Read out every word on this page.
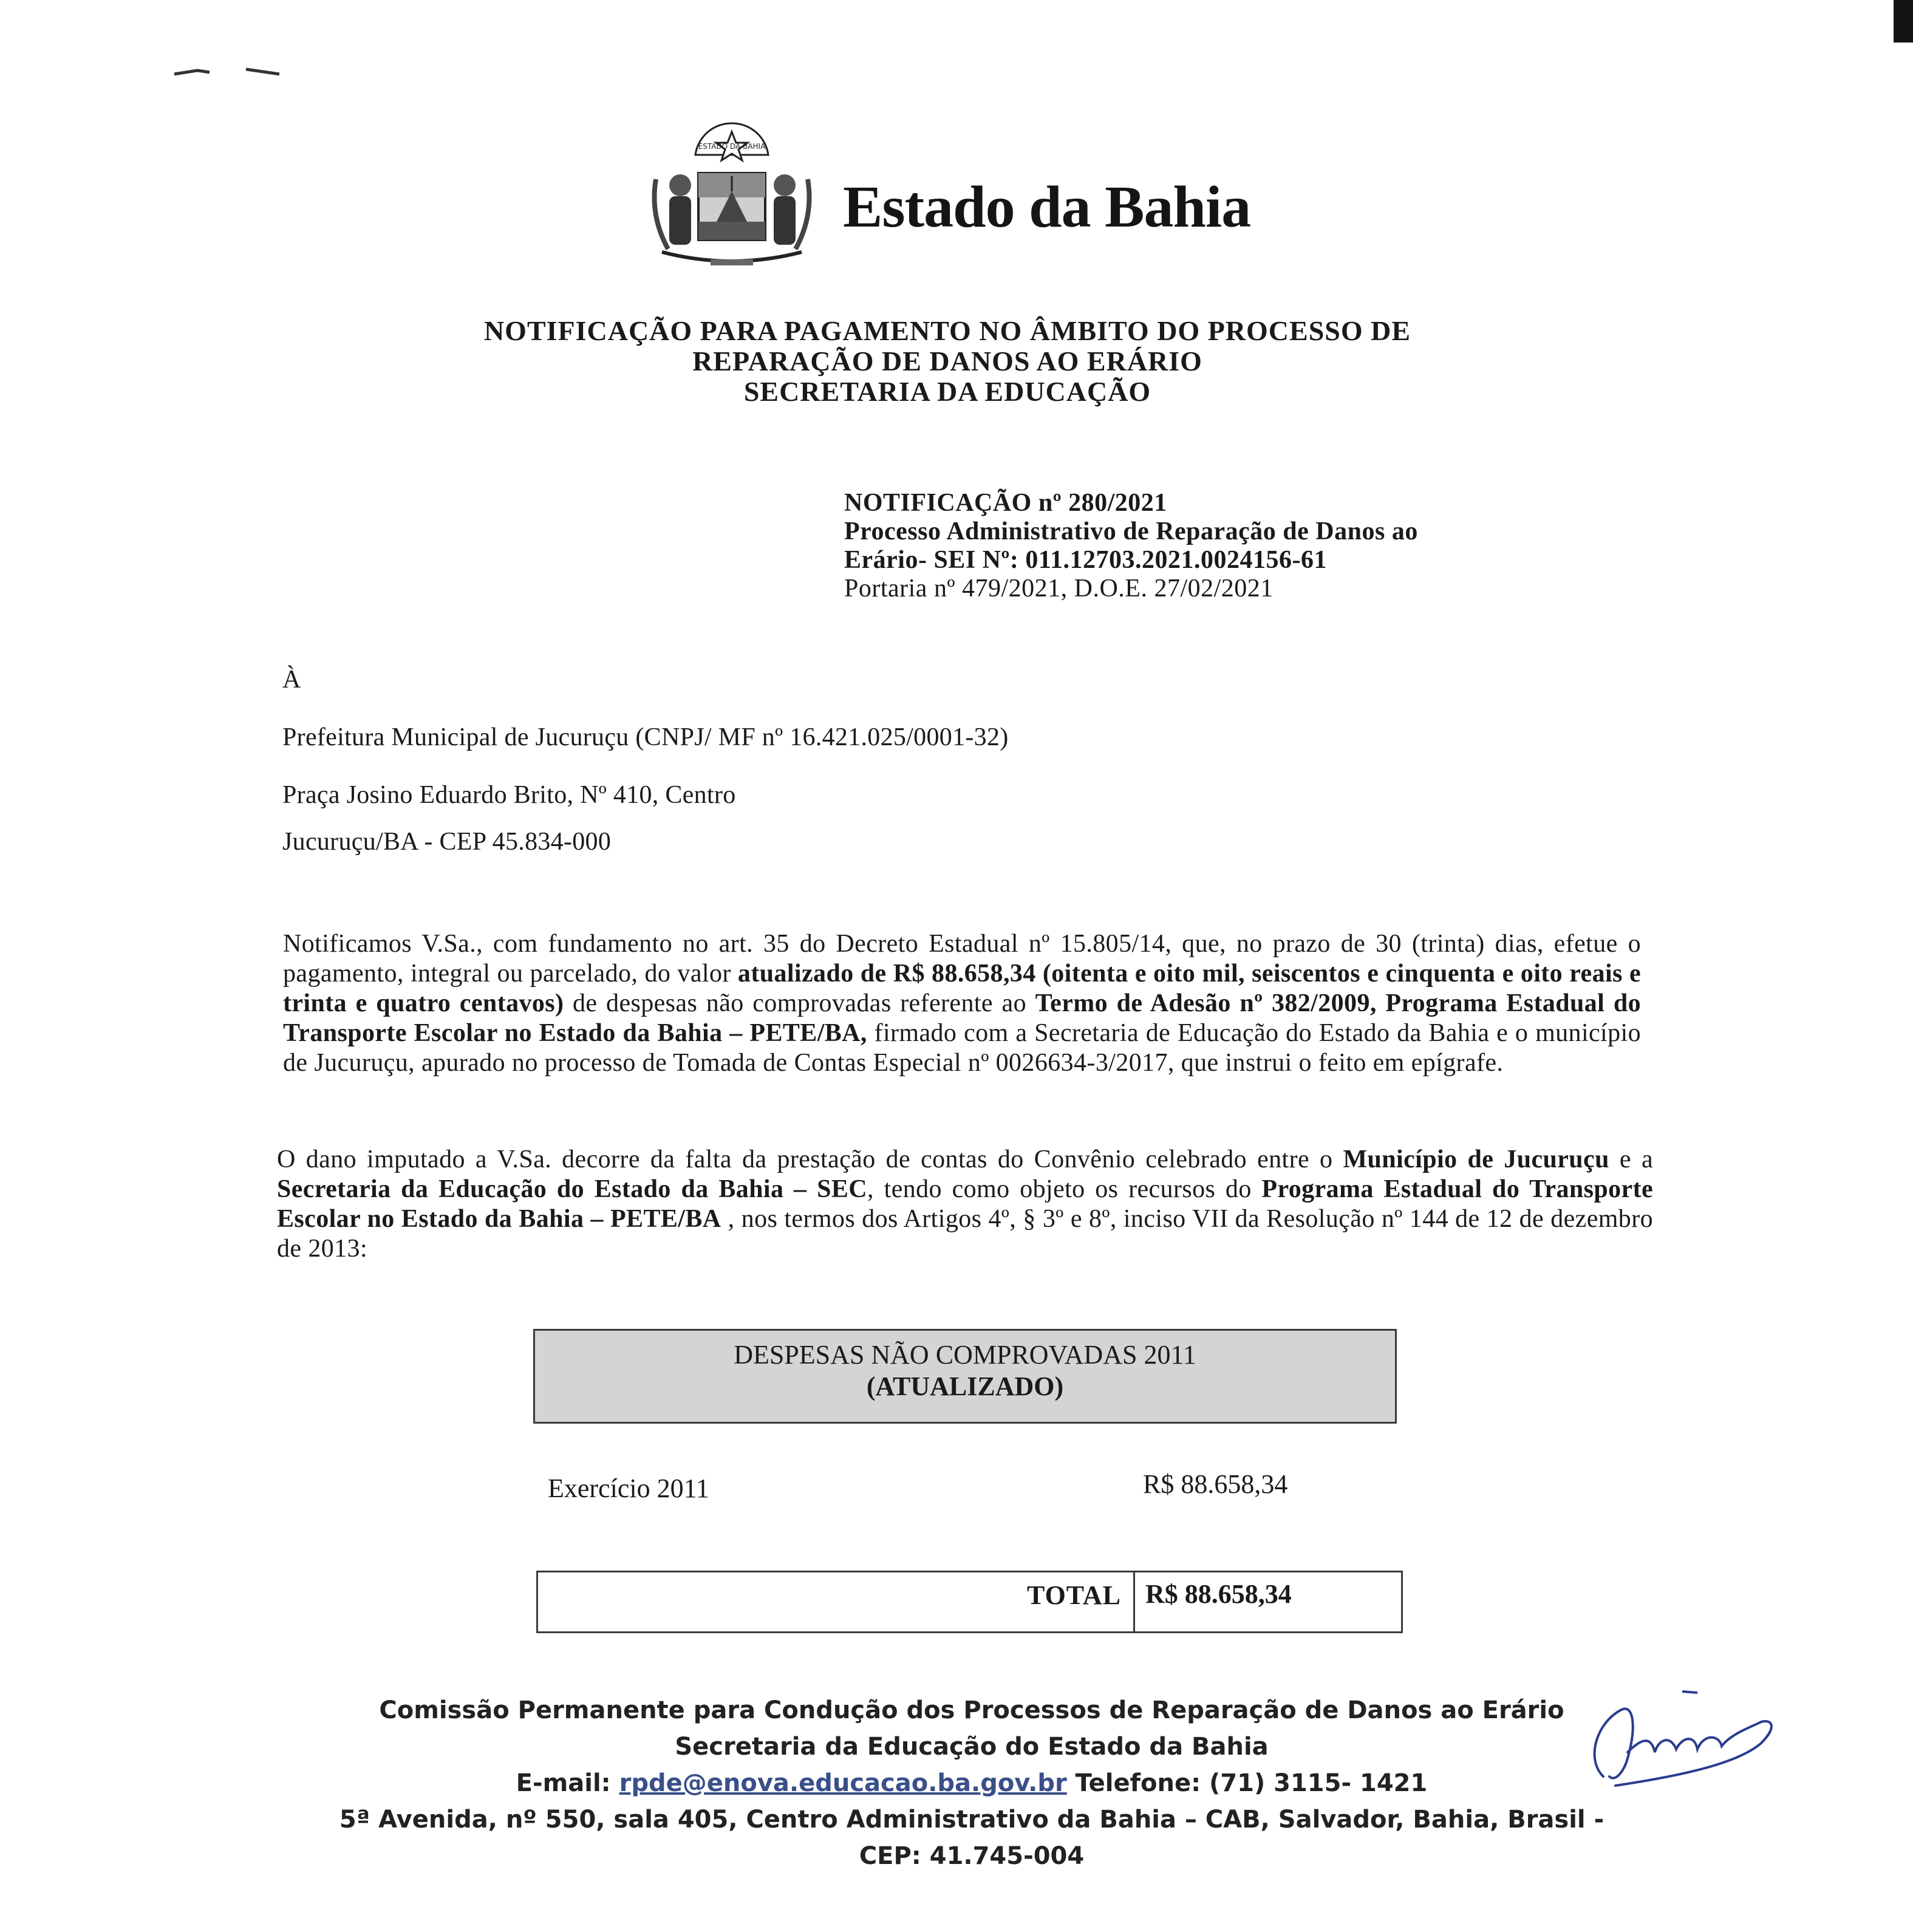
ESTADO DA BAHIA
Estado da Bahia
NOTIFICAÇÃO PARA PAGAMENTO NO ÂMBITO DO PROCESSO DE
REPARAÇÃO DE DANOS AO ERÁRIO
SECRETARIA DA EDUCAÇÃO
NOTIFICAÇÃO nº 280/2021
Processo Administrativo de Reparação de Danos ao
Erário- SEI Nº: 011.12703.2021.0024156-61
Portaria nº 479/2021, D.O.E. 27/02/2021
À
Prefeitura Municipal de Jucuruçu (CNPJ/ MF nº 16.421.025/0001-32)
Praça Josino Eduardo Brito, Nº 410, Centro
Jucuruçu/BA - CEP 45.834-000
Notificamos V.Sa., com fundamento no art. 35 do Decreto Estadual nº 15.805/14, que, no prazo de 30 (trinta) dias, efetue o pagamento, integral ou parcelado, do valor atualizado de R$ 88.658,34 (oitenta e oito mil, seiscentos e cinquenta e oito reais e trinta e quatro centavos) de despesas não comprovadas referente ao Termo de Adesão nº 382/2009, Programa Estadual do Transporte Escolar no Estado da Bahia – PETE/BA, firmado com a Secretaria de Educação do Estado da Bahia e o município de Jucuruçu, apurado no processo de Tomada de Contas Especial nº 0026634-3/2017, que instrui o feito em epígrafe.
O dano imputado a V.Sa. decorre da falta da prestação de contas do Convênio celebrado entre o Município de Jucuruçu e a Secretaria da Educação do Estado da Bahia – SEC, tendo como objeto os recursos do Programa Estadual do Transporte Escolar no Estado da Bahia – PETE/BA , nos termos dos Artigos 4º, § 3º e 8º, inciso VII da Resolução nº 144 de 12 de dezembro de 2013:
DESPESAS NÃO COMPROVADAS 2011
(ATUALIZADO)
Exercício 2011	R$ 88.658,34
TOTAL R$ 88.658,34
Comissão Permanente para Condução dos Processos de Reparação de Danos ao Erário
Secretaria da Educação do Estado da Bahia
E-mail: rpde@enova.educacao.ba.gov.br Telefone: (71) 3115- 1421
5ª Avenida, nº 550, sala 405, Centro Administrativo da Bahia – CAB, Salvador, Bahia, Brasil -
CEP: 41.745-004
